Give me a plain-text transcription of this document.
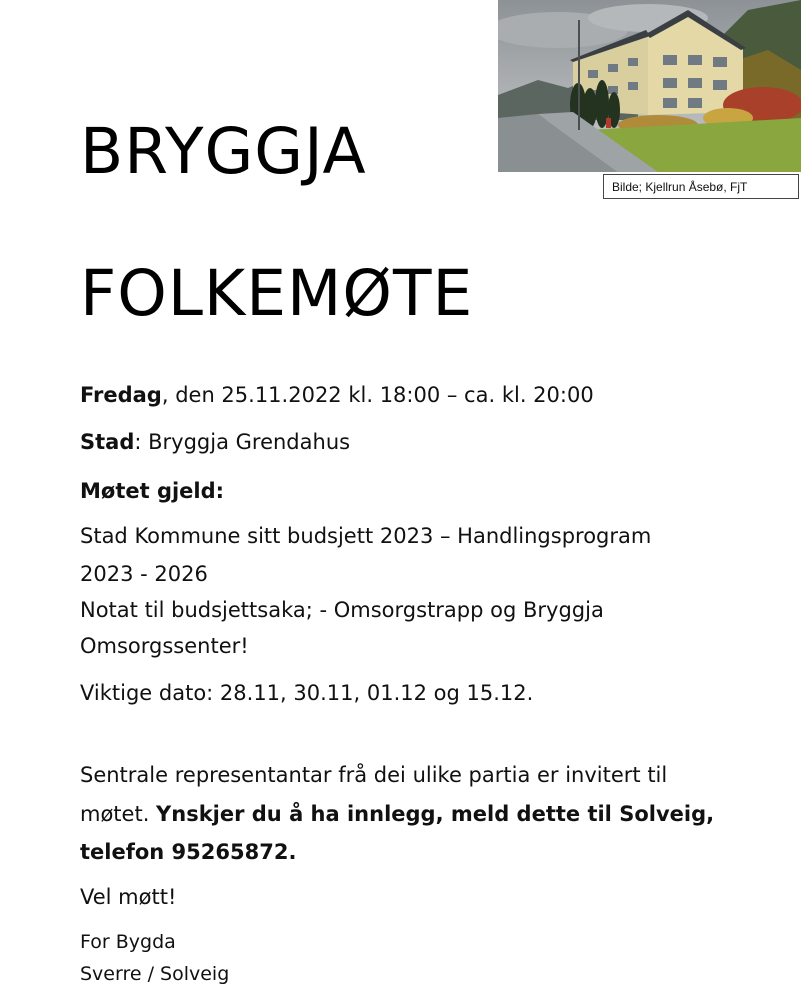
Bilde; Kjellrun Åsebø, FjT
BRYGGJA
FOLKEMØTE
Fredag, den 25.11.2022 kl. 18:00 – ca. kl. 20:00
Stad: Bryggja Grendahus
Møtet gjeld:
Stad Kommune sitt budsjett 2023 – Handlingsprogram
2023 - 2026
Notat til budsjettsaka; - Omsorgstrapp og Bryggja
Omsorgssenter!
Viktige dato: 28.11, 30.11, 01.12 og 15.12.
Sentrale representantar frå dei ulike partia er invitert til
møtet. Ynskjer du å ha innlegg, meld dette til Solveig,
telefon 95265872.
Vel møtt!
For Bygda
Sverre / Solveig
